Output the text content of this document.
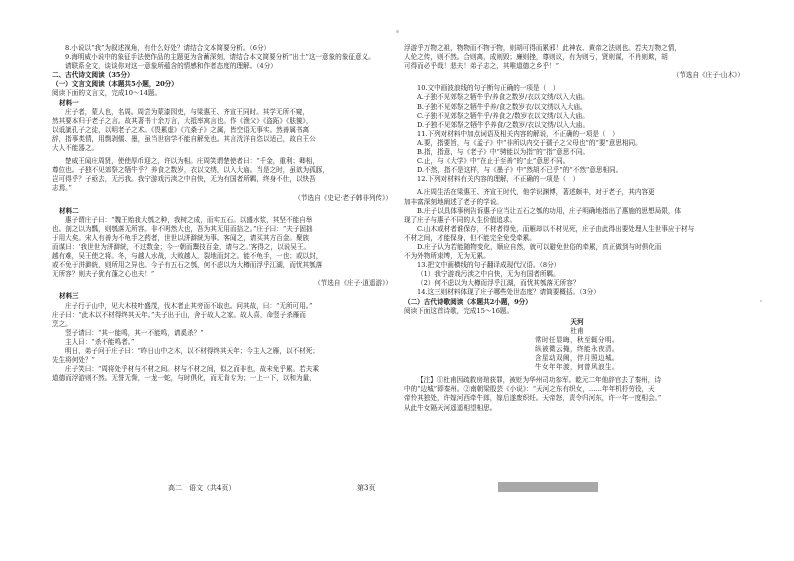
8.小说以“我”为叙述视角，有什么好处？请结合文本简要分析。（6分）
9.海明威小说中的象征手法使作品的主题更为含蓄深刻，请结合本文简要分析“出土”这一意象的象征意义。
请联系全文，谈谈你对这一意象所蕴含的情感和作者态度的理解。（4分）
二、古代诗文阅读（35分）
（一）文言文阅读（本题共5小题，20分）
阅读下面的文言文，完成10～14题。
材料一
庄子者，蒙人也，名周。周尝为蒙漆园吏，与梁惠王、齐宣王同时。其学无所不窥，
然其要本归于老子之言。故其著书十余万言，大抵率寓言也。作《渔父》《盗跖》《胠箧》，
以诋訿孔子之徒，以明老子之术。《畏累虚》《亢桑子》之属，皆空语无事实。然善属书离
辞，指事类情，用剽剥儒、墨，虽当世宿学不能自解免也。其言洸洋自恣以适己，故自王公
大人不能器之。
楚威王闻庄周贤，使使厚币迎之，许以为相。庄周笑谓楚使者曰：“千金，重利；卿相，
尊位也。子独不见郊祭之牺牛乎？养食之数岁，衣以文绣，以入大庙。当是之时，虽欲为孤豚，
岂可得乎？子亟去，无污我。我宁游戏污渎之中自快，无为有国者所羁，终身不仕，以快吾
志焉。”
（节选自《史记·老子韩非列传》）
材料二
惠子谓庄子曰：“魏王贻我大瓠之种，我树之成，而实五石。以盛水浆，其坚不能自举
也。剖之以为瓢，则瓠落无所容。非不呺然大也，吾为其无用而掊之。”庄子曰：“夫子固拙
于用大矣。宋人有善为不龟手之药者，世世以洴澼絖为事。客闻之，请买其方百金。聚族
而谋曰：‘我世世为洴澼絖，不过数金；今一朝而鬻技百金，请与之。’客得之，以说吴王。
越有难，吴王使之将。冬，与越人水战，大败越人，裂地而封之。能不龟手，一也；或以封，
或不免于洴澼絖，则所用之异也。今子有五石之瓠，何不虑以为大樽而浮乎江湖，而忧其瓠落
无所容？则夫子犹有蓬之心也夫！”
（节选自《庄子·逍遥游》）
材料三
庄子行于山中，见大木枝叶盛茂，伐木者止其旁而不取也。问其故，曰：“无所可用。”
庄子曰：“此木以不材得终其天年。”夫子出于山，舍于故人之家。故人喜，命竖子杀雁而
烹之。
竖子请曰：“其一能鸣，其一不能鸣，请奚杀？”
主人曰：“杀不能鸣者。”
明日，弟子问于庄子曰：“昨日山中之木，以不材得终其天年；今主人之雁，以不材死；
先生将何处？”
庄子笑曰：“周将处乎材与不材之间。材与不材之间，似之而非也，故未免乎累。若夫乘
道德而浮游则不然。无誉无訾，一龙一蛇，与时俱化，而无肯专为；一上一下，以和为量，
浮游乎万物之祖，物物而不物于物，则胡可得而累邪！此神农、黄帝之法则也。若夫万物之情，
人伦之传，则不然。合则离，成则毁；廉则挫，尊则议，有为则亏，贤则谋，不肖则欺，胡
可得而必乎哉！悲夫！弟子志之，其唯道德之乡乎！”
（节选自《庄子·山木》）
10.文中画波浪线的句子断句正确的一项是（　）
A.子独不见郊祭之牺牛乎/养食之数岁/衣以文绣/以入大庙。
B.子独不见郊祭之牺牛乎养/食之数岁衣/以文绣以入大庙。
C.子独不见郊祭之牺牛乎/养食之/数岁衣以文绣/以入大庙。
D.子独不见郊祭之牺牛乎养食/之数岁/衣以文绣/以入大庙。
11.下列对材料中加点词语及相关内容的解说，不正确的一项是（　）
A.要，指要旨，与《孟子》中“非所以内交于孺子之父母也”的“要”意思相同。
B.指，指意，与《老子》中“骋能以为指”的“指”意思不同。
C.止，与《大学》中“在止于至善”的“止”意思不同。
D.不然，指不是这样，与《墨子》中“然胡不已乎”的“不然”意思相同。
12.下列对材料有关内容的理解，不正确的一项是（　）
A.庄周生活在梁惠王、齐宣王时代，他学识渊博，著述颇丰，对于老子，其内容更
加丰富深刻地阐述了老子的学说。
B.庄子以具体事例告诉惠子应当让五石之瓠的功用，庄子明确地指出了惠施的思想局限，体
现了庄子与惠子不同的人生价值追求。
C.山木或材者谁保存，不材者得免，而雁却以不材见死，庄子由此得出要处理人生世事应于材与
不材之间，才能保身，但不能完全免受牵累。
D.庄子认为若能随物变化，顺应自然，就可以避免世俗的牵累，真正做到与时俱化而
不为外物所束缚，无为无累。
13.把文中画横线的句子翻译成现代汉语。（8分）
（1）我宁游戏污渎之中自快，无为有国者所羁。
（2）何不虑以为大樽而浮乎江湖，而忧其瓠落无所容？
14.这三则材料体现了庄子哪些处世态度？请简要概括。（3分）
（二）古代诗歌阅读（本题共2小题，9分）
阅读下面这首诗歌，完成15～16题。
天河
杜甫
常时任显晦，秋至辄分明。
纵被微云掩，终能永夜清。
含星动双阙，伴月照边城。
牛女年年渡，何曾风浪生。
【注】①杜甫因疏救房琯获罪，被贬为华州司功参军。乾元二年他辞官去了秦州，诗
中的“边城”即秦州。②南朝梁殷芸《小说》：“天河之东有织女，……年年机杼劳役，天
帝怜其独处，许嫁河西牵牛郎，嫁后遂废织纴。天帝怒，责令归河东，许一年一度相会。”
从此牛女隔天河遥遥相望相思。
高二　语文（共4页）	第3页
